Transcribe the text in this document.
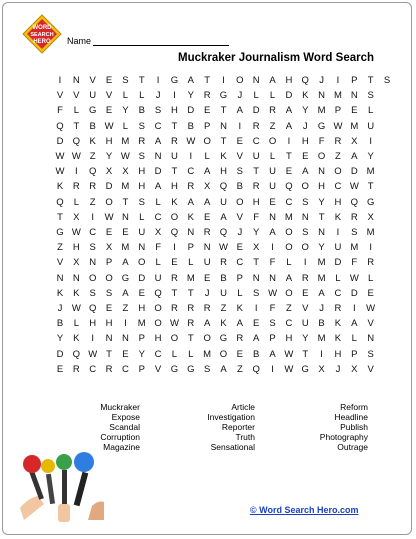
WORD
SEARCH
HERO Name
Muckraker Journalism Word Search
I	N	V	E	S	T	I	G	A	T	I	O N	A	H Q	J	I	P	T	S
V	V	U	V	L	L	J	I	Y	R G	J	L	L	D	K	N M N	S
F	L	G	E	Y	B	S	H D	E	T	A	D R	A	Y M P	E	L
Q	T	B W L	S	C	T	B	P	N	I	R	Z	A	J	G W M U
D Q K	H M R	A	R W O	T	E	C O	I	H	F	R	X	I
W W Z	Y W S	N U	I	L	K	V	U	L	T	E O	Z	A	Y
W	I	Q	X	X	H D	T	C	A	H	S	T	U	E	A	N O D M
K	R R D M H	A	H R	X Q B	R U Q O H C W T
Q	L	Z	O	T	S	L	K	A	A	U O H	E	C	S	Y	H Q G
T	X	I	W N	L	C O	K	E	A	V	F	N M N	T	K	R	X
G W C	E	E	U	X Q N R Q	J	Y	A O	S	N	I	S M
Z	H	S	X M N	F	I	P	N W E	X	I	O O Y	U M	I
V	X	N	P	A O	L	E	L	U R C	T	F	L	I	M D	F	R
N N O O G D U R M E	B	P	N N	A	R M	L W L
K	K	S	S	A	E Q	T	T	J	U	L	S W O	E	A	C D	E
J W Q	E	Z	H O R R R	Z	K	I	F	Z	V	J	R	I	W
B	L	H H	I	M O W R	A	K	A	E	S	C U	B	K	A	V
Y	K	I	N N	P	H O	T	O G R	A	P	H	Y M K	L	N
D Q W T	E	Y	C	L	L	M O E	B	A W T	I	H	P	S
E	R C R C	P	V G G S	A	Z	Q	I	W G X	J	X	V
Muckraker
Expose
Scandal
Corruption
Magazine
Article
Investigation
Reporter
Truth
Sensational
Reform
Headline
Publish
Photography
Outrage
© Word Search Hero.com
